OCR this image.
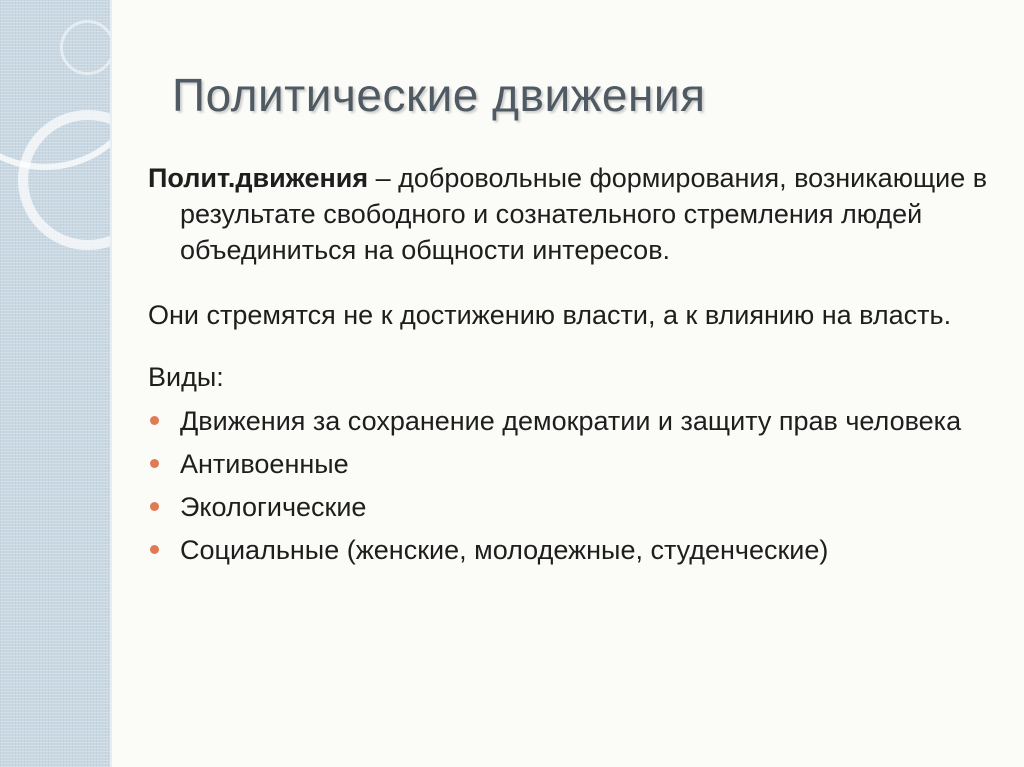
Политические движения

Полит.движения – добровольные формирования, возникающие в результате свободного и сознательного стремления людей объединиться на общности интересов.

Они стремятся не к достижению власти, а к влиянию на власть.

Виды:

Движения за сохранение демократии и защиту прав человека
Антивоенные
Экологические
Социальные (женские, молодежные, студенческие)
